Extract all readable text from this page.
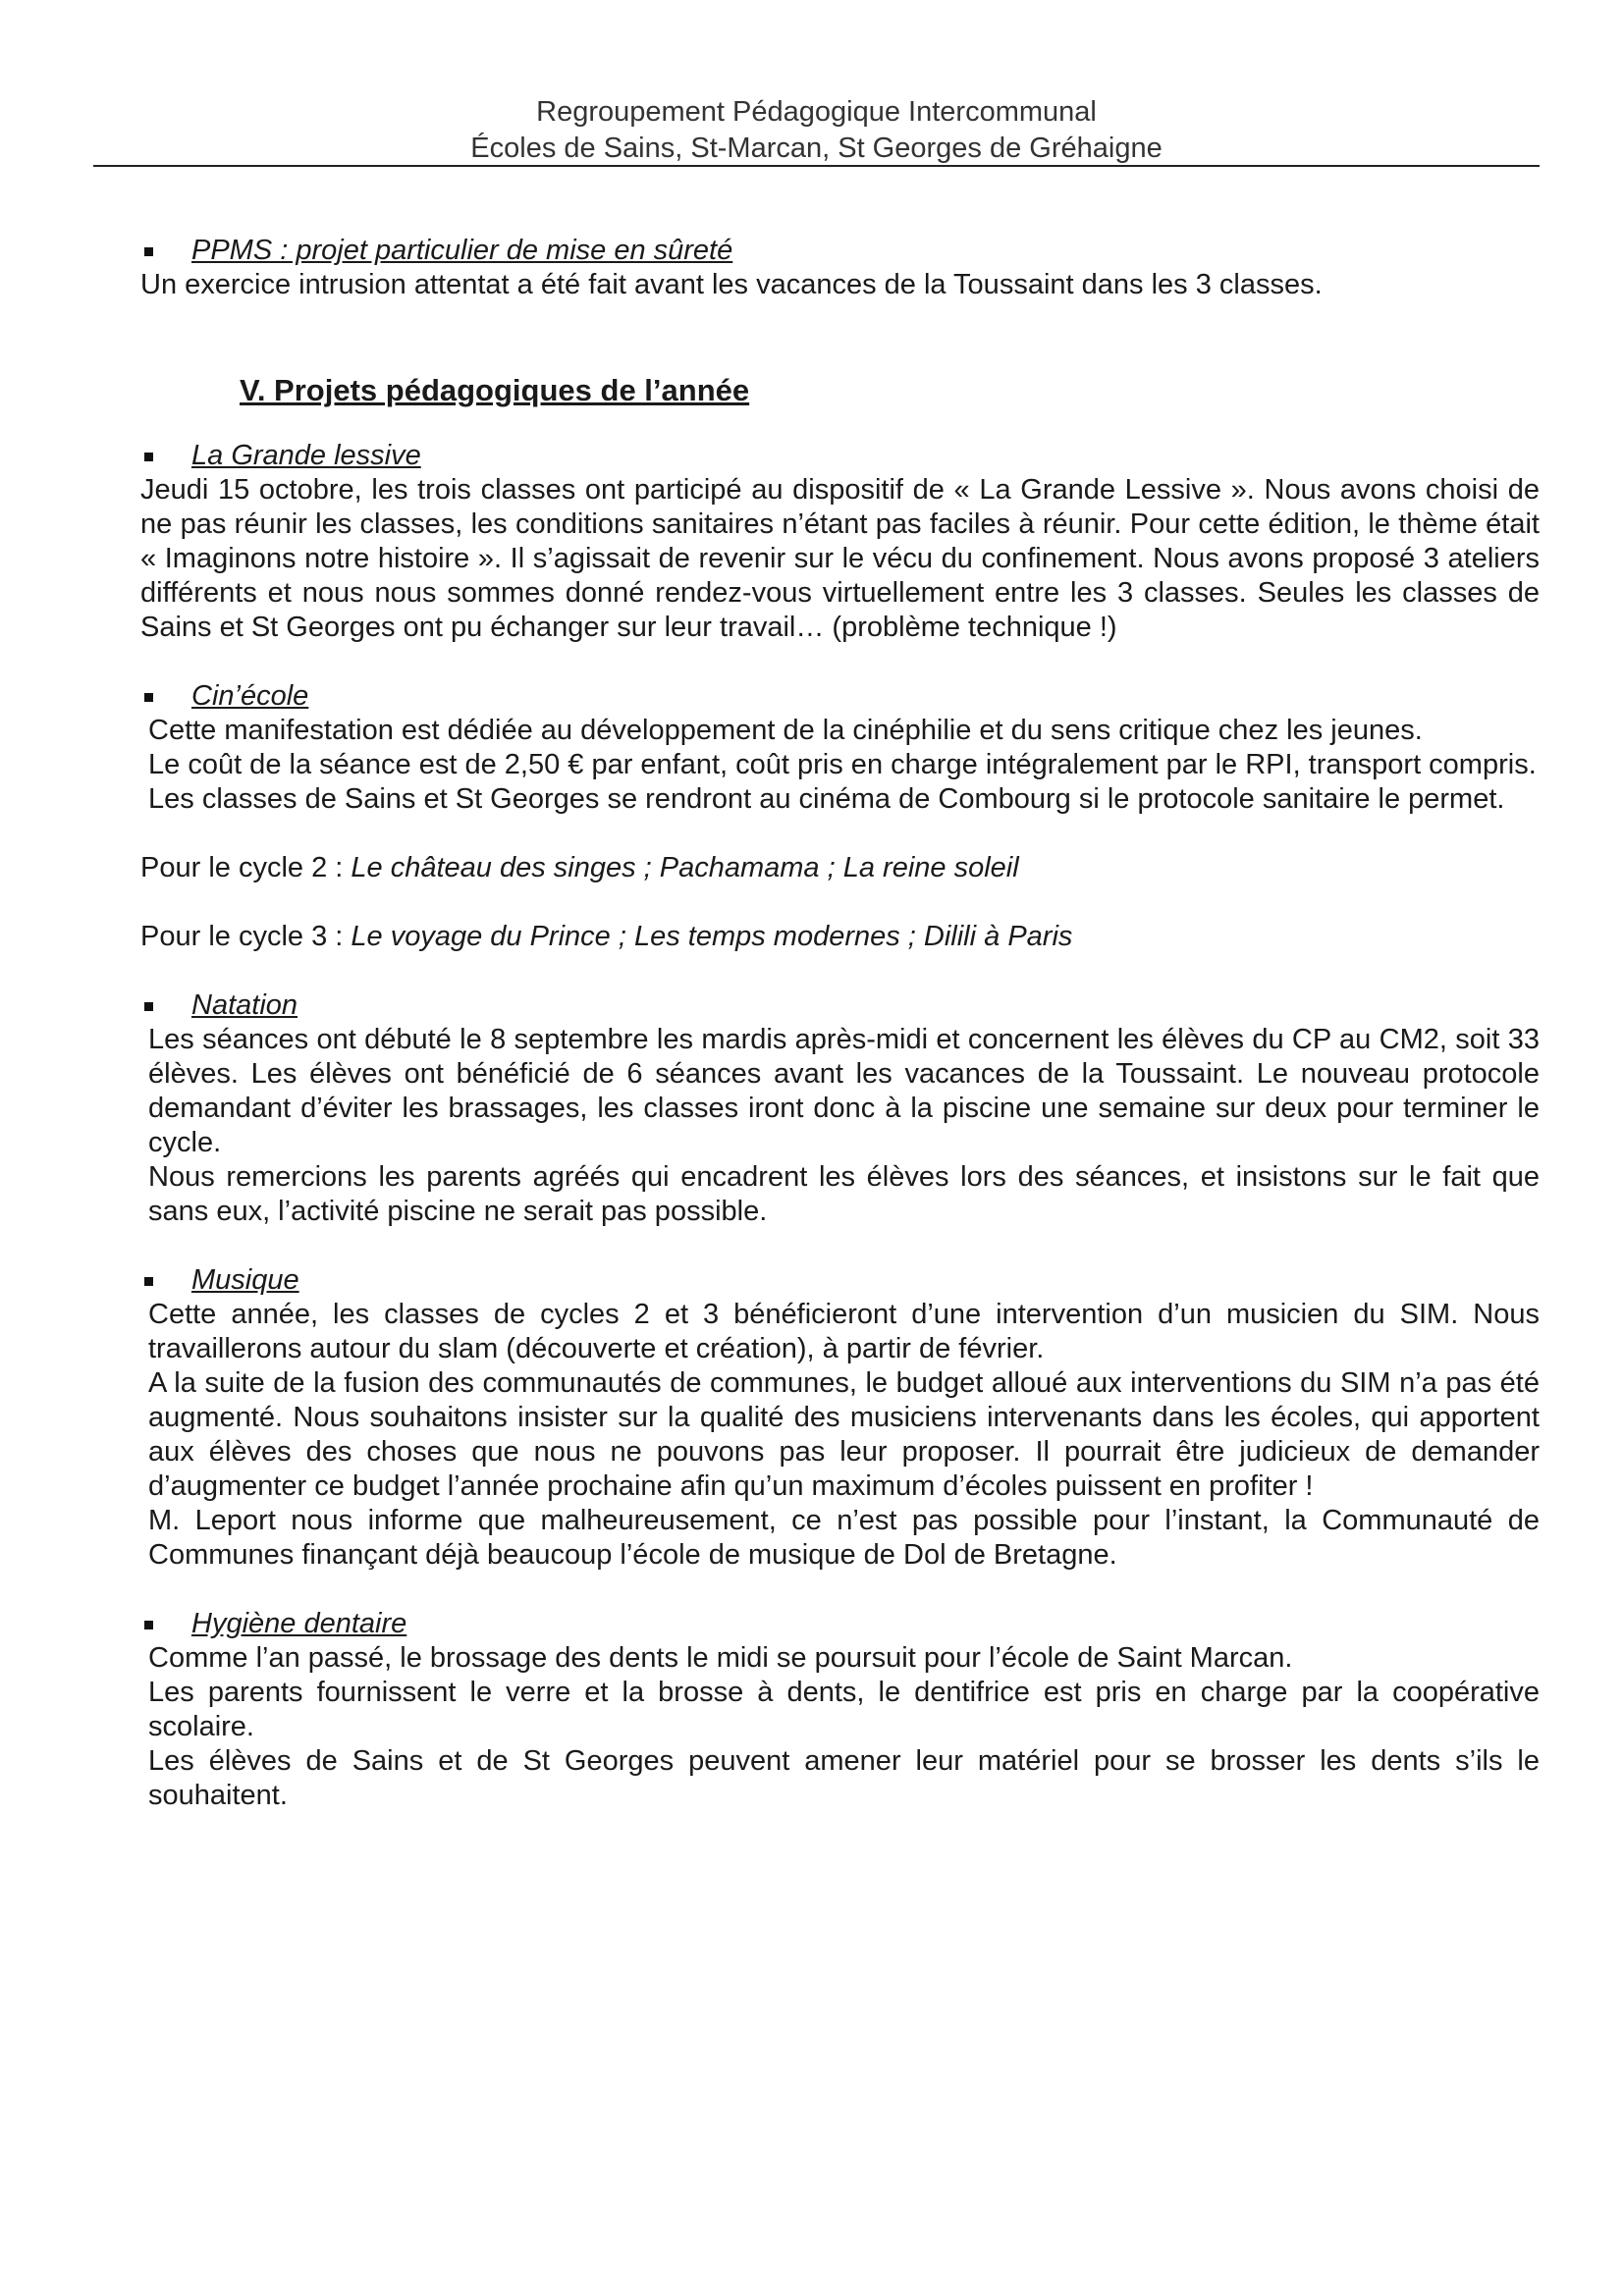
Regroupement Pédagogique Intercommunal
Écoles de Sains, St-Marcan, St Georges de Gréhaigne
PPMS : projet particulier de mise en sûreté

Un exercice intrusion attentat a été fait avant les vacances de la Toussaint dans les 3 classes.

V. Projets pédagogiques de l’année
La Grande lessive

Jeudi 15 octobre, les trois classes ont participé au dispositif de « La Grande Lessive ». Nous avons choisi de ne pas réunir les classes, les conditions sanitaires n’étant pas faciles à réunir. Pour cette édition, le thème était « Imaginons notre histoire ». Il s’agissait de revenir sur le vécu du confinement. Nous avons proposé 3 ateliers différents et nous nous sommes donné rendez-vous virtuellement entre les 3 classes. Seules les classes de Sains et St Georges ont pu échanger sur leur travail… (problème technique !)

Cin’école

Cette manifestation est dédiée au développement de la cinéphilie et du sens critique chez les jeunes.

Le coût de la séance est de 2,50 € par enfant, coût pris en charge intégralement par le RPI, transport compris.

Les classes de Sains et St Georges se rendront au cinéma de Combourg si le protocole sanitaire le permet.

Pour le cycle 2 : Le château des singes ; Pachamama ; La reine soleil

Pour le cycle 3 : Le voyage du Prince ; Les temps modernes ; Dilili à Paris

Natation

Les séances ont débuté le 8 septembre les mardis après-midi et concernent les élèves du CP au CM2, soit 33 élèves. Les élèves ont bénéficié de 6 séances avant les vacances de la Toussaint. Le nouveau protocole demandant d’éviter les brassages, les classes iront donc à la piscine une semaine sur deux pour terminer le cycle.

Nous remercions les parents agréés qui encadrent les élèves lors des séances, et insistons sur le fait que sans eux, l’activité piscine ne serait pas possible.

Musique

Cette année, les classes de cycles 2 et 3 bénéficieront d’une intervention d’un musicien du SIM. Nous travaillerons autour du slam (découverte et création), à partir de février.

A la suite de la fusion des communautés de communes, le budget alloué aux interventions du SIM n’a pas été augmenté. Nous souhaitons insister sur la qualité des musiciens intervenants dans les écoles, qui apportent aux élèves des choses que nous ne pouvons pas leur proposer. Il pourrait être judicieux de demander d’augmenter ce budget l’année prochaine afin qu’un maximum d’écoles puissent en profiter !

M. Leport nous informe que malheureusement, ce n’est pas possible pour l’instant, la Communauté de Communes finançant déjà beaucoup l’école de musique de Dol de Bretagne.

Hygiène dentaire

Comme l’an passé, le brossage des dents le midi se poursuit pour l’école de Saint Marcan.

Les parents fournissent le verre et la brosse à dents, le dentifrice est pris en charge par la coopérative scolaire.

Les élèves de Sains et de St Georges peuvent amener leur matériel pour se brosser les dents s’ils le souhaitent.
